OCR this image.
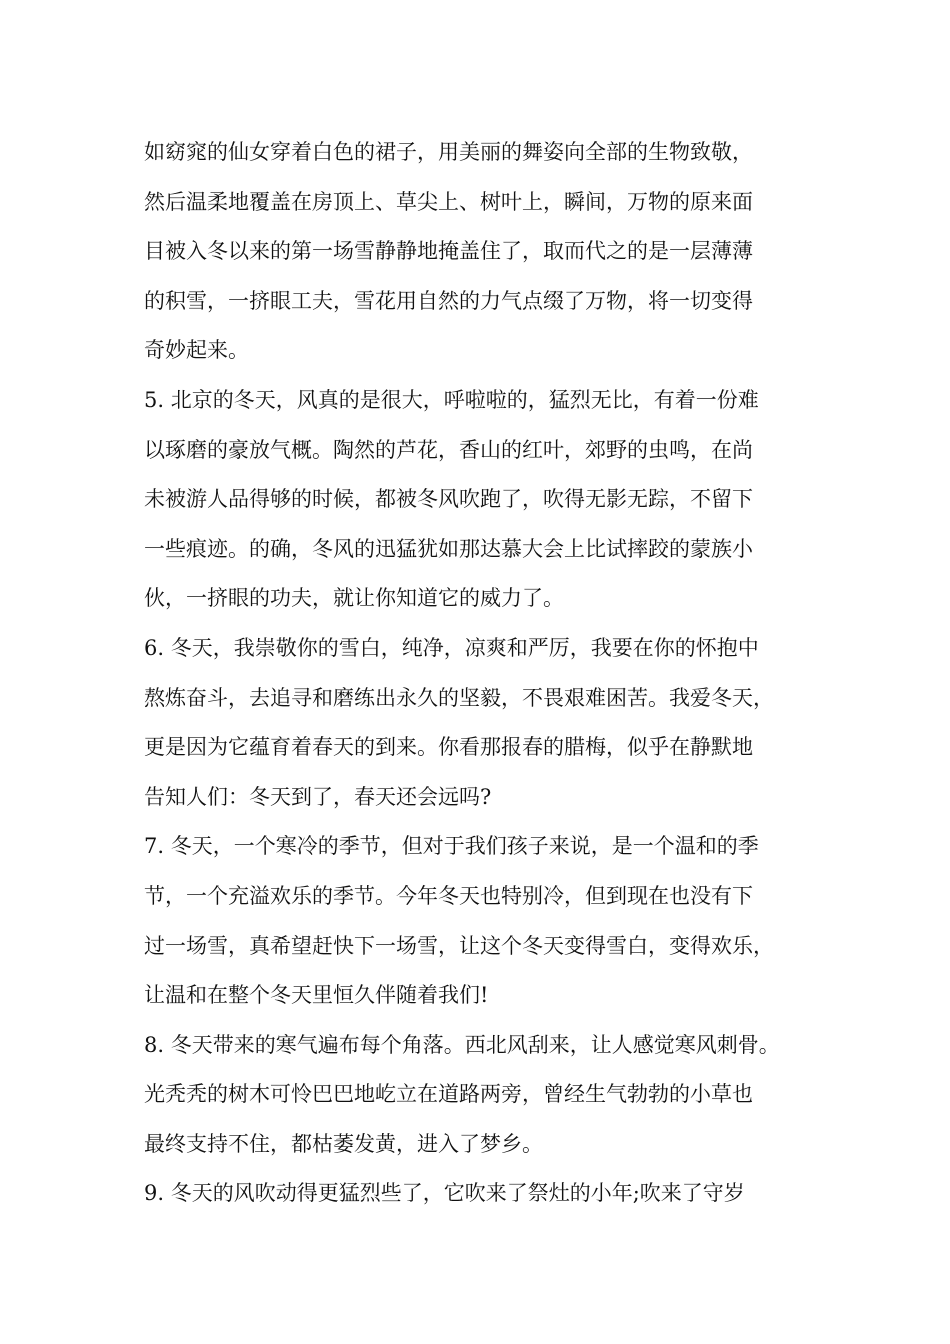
如窈窕的仙女穿着白色的裙子，用美丽的舞姿向全部的生物致敬，
然后温柔地覆盖在房顶上、草尖上、树叶上，瞬间，万物的原来面
目被入冬以来的第一场雪静静地掩盖住了，取而代之的是一层薄薄
的积雪，一挤眼工夫，雪花用自然的力气点缀了万物，将一切变得
奇妙起来。
5. 北京的冬天，风真的是很大，呼啦啦的，猛烈无比，有着一份难
以琢磨的豪放气概。陶然的芦花，香山的红叶，郊野的虫鸣，在尚
未被游人品得够的时候，都被冬风吹跑了，吹得无影无踪，不留下
一些痕迹。的确，冬风的迅猛犹如那达慕大会上比试摔跤的蒙族小
伙，一挤眼的功夫，就让你知道它的威力了。
6. 冬天，我崇敬你的雪白，纯净，凉爽和严厉，我要在你的怀抱中
熬炼奋斗，去追寻和磨练出永久的坚毅，不畏艰难困苦。我爱冬天，
更是因为它蕴育着春天的到来。你看那报春的腊梅，似乎在静默地
告知人们：冬天到了，春天还会远吗?
7. 冬天，一个寒冷的季节，但对于我们孩子来说，是一个温和的季
节，一个充溢欢乐的季节。今年冬天也特别冷，但到现在也没有下
过一场雪，真希望赶快下一场雪，让这个冬天变得雪白，变得欢乐，
让温和在整个冬天里恒久伴随着我们!
8. 冬天带来的寒气遍布每个角落。西北风刮来，让人感觉寒风刺骨。
光秃秃的树木可怜巴巴地屹立在道路两旁，曾经生气勃勃的小草也
最终支持不住，都枯萎发黄，进入了梦乡。
9. 冬天的风吹动得更猛烈些了，它吹来了祭灶的小年;吹来了守岁
